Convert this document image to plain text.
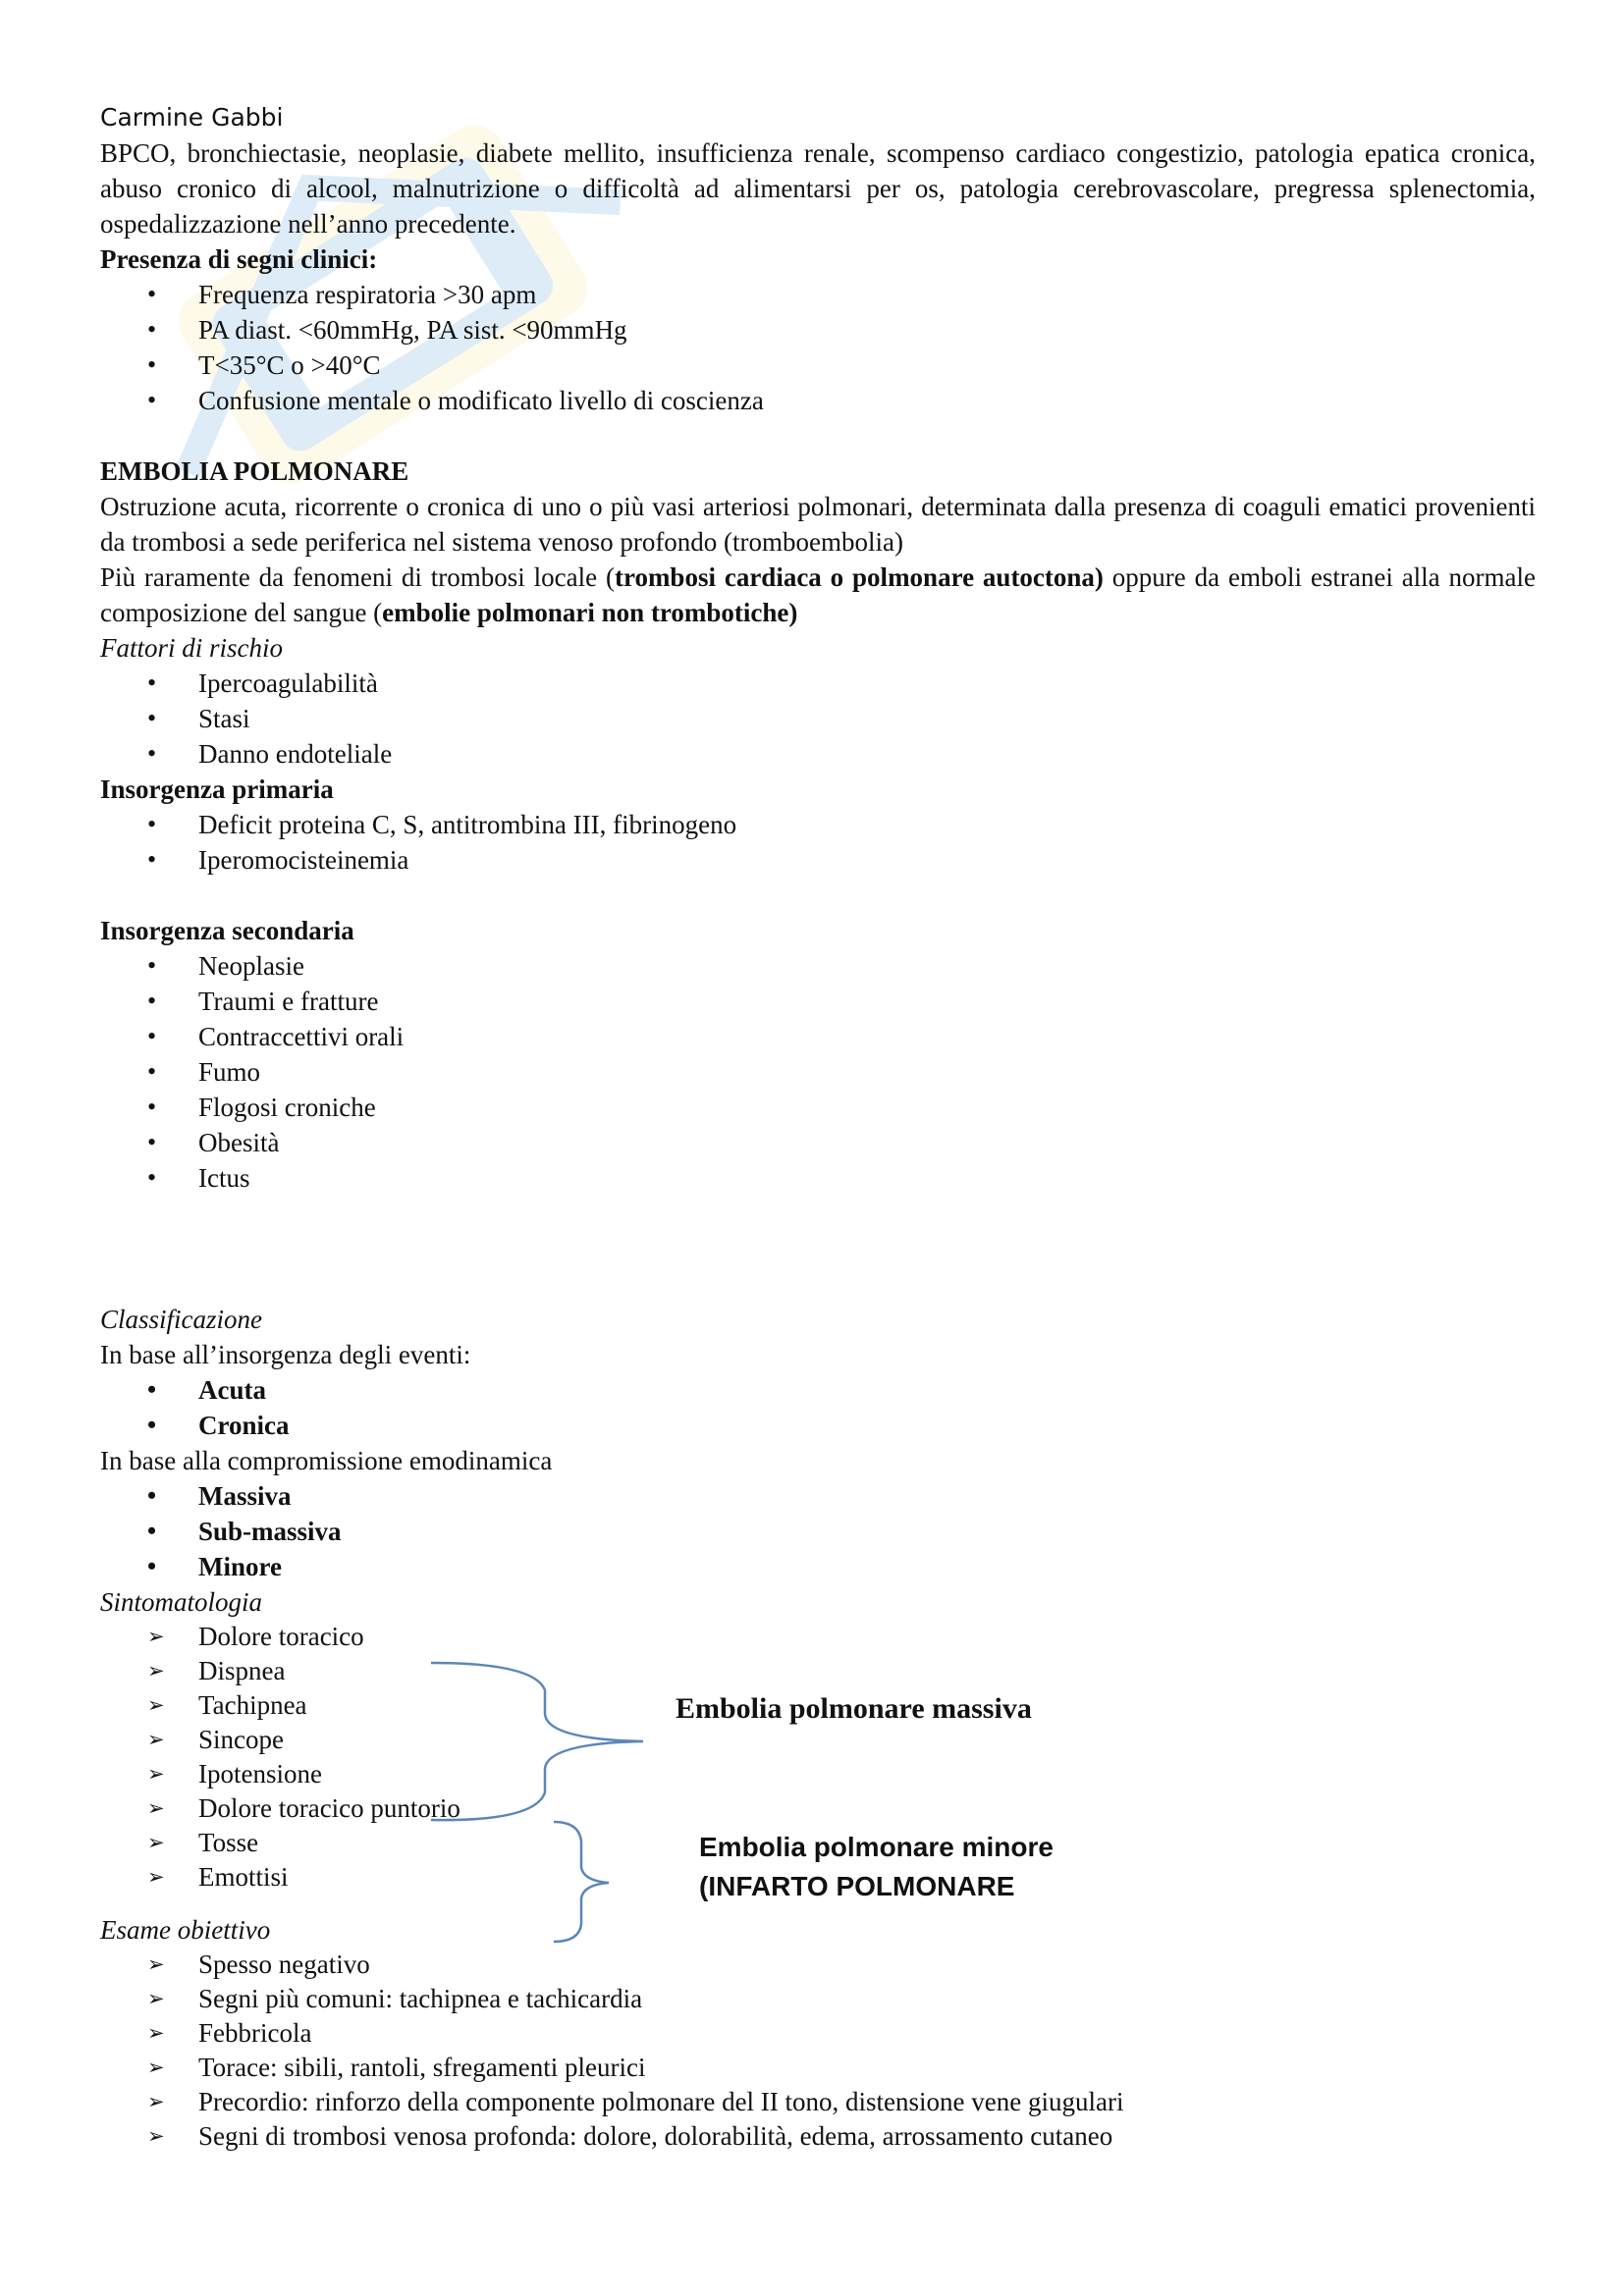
Carmine Gabbi
BPCO, bronchiectasie, neoplasie, diabete mellito, insufficienza renale, scompenso cardiaco congestizio, patologia epatica cronica, abuso cronico di alcool, malnutrizione o difficoltà ad alimentarsi per os, patologia cerebrovascolare, pregressa splenectomia, ospedalizzazione nell’anno precedente.
Presenza di segni clinici:
•	Frequenza respiratoria >30 apm
•	PA diast. <60mmHg, PA sist. <90mmHg
•	T<35°C o >40°C
•	Confusione mentale o modificato livello di coscienza
EMBOLIA POLMONARE
Ostruzione acuta, ricorrente o cronica di uno o più vasi arteriosi polmonari, determinata dalla presenza di coaguli ematici provenienti da trombosi a sede periferica nel sistema venoso profondo (tromboembolia)
Più raramente da fenomeni di trombosi locale (trombosi cardiaca o polmonare autoctona) oppure da emboli estranei alla normale composizione del sangue (embolie polmonari non trombotiche)
Fattori di rischio
•	Ipercoagulabilità
•	Stasi
•	Danno endoteliale
Insorgenza primaria
•	Deficit proteina C, S, antitrombina III, fibrinogeno
•	Iperomocisteinemia
Insorgenza secondaria
•	Neoplasie
•	Traumi e fratture
•	Contraccettivi orali
•	Fumo
•	Flogosi croniche
•	Obesità
•	Ictus
Classificazione
In base all’insorgenza degli eventi:
•	Acuta
•	Cronica
In base alla compromissione emodinamica
•	Massiva
•	Sub-massiva
•	Minore
Sintomatologia
➢	Dolore toracico
➢	Dispnea
➢	Tachipnea
➢	Sincope
➢	Ipotensione
➢	Dolore toracico puntorio
➢	Tosse
➢	Emottisi
Esame obiettivo
➢	Spesso negativo
➢	Segni più comuni: tachipnea e tachicardia
➢	Febbricola
➢	Torace: sibili, rantoli, sfregamenti pleurici
➢	Precordio: rinforzo della componente polmonare del II tono, distensione vene giugulari
➢	Segni di trombosi venosa profonda: dolore, dolorabilità, edema, arrossamento cutaneo
Embolia polmonare massiva
Embolia polmonare minore
(INFARTO POLMONARE
